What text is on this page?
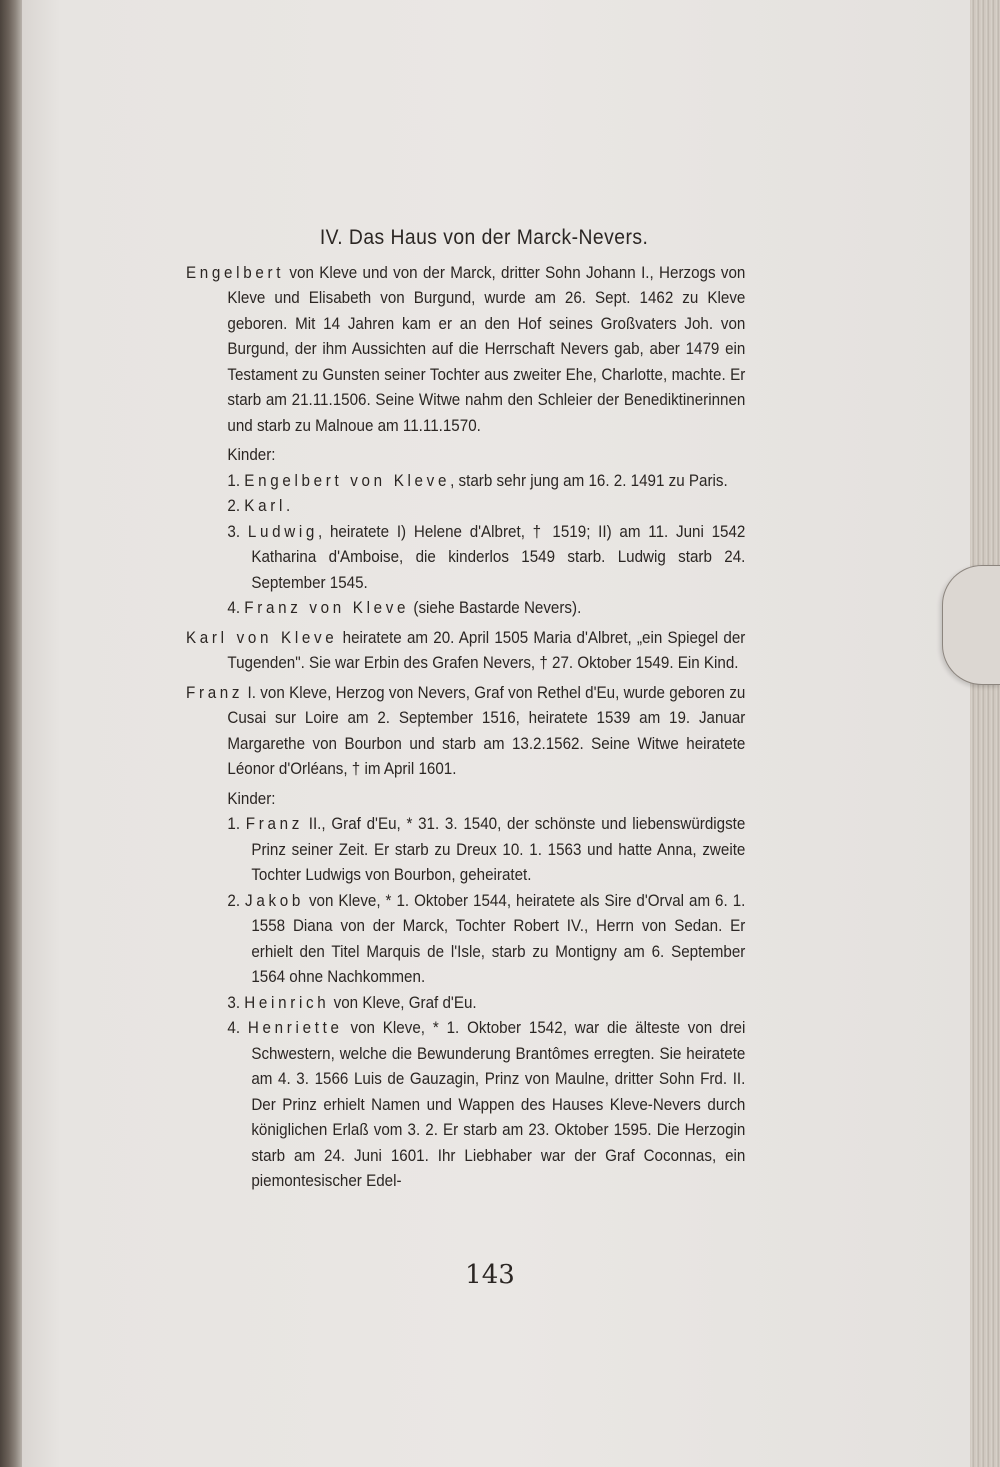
IV. Das Haus von der Marck-Nevers.

Engelbert von Kleve und von der Marck, dritter Sohn Johann I., Herzogs von Kleve und Elisabeth von Burgund, wurde am 26. Sept. 1462 zu Kleve geboren. Mit 14 Jahren kam er an den Hof seines Großvaters Joh. von Burgund, der ihm Aussichten auf die Herrschaft Nevers gab, aber 1479 ein Testament zu Gunsten seiner Tochter aus zweiter Ehe, Charlotte, machte. Er starb am 21.11.1506. Seine Witwe nahm den Schleier der Benediktinerinnen und starb zu Malnoue am 11.11.1570.

Kinder:

1. Engelbert von Kleve, starb sehr jung am 16. 2. 1491 zu Paris.

2. Karl.

3. Ludwig, heiratete I) Helene d'Albret, † 1519; II) am 11. Juni 1542 Katharina d'Amboise, die kinderlos 1549 starb. Ludwig starb 24. September 1545.

4. Franz von Kleve (siehe Bastarde Nevers).

Karl von Kleve heiratete am 20. April 1505 Maria d'Albret, „ein Spiegel der Tugenden". Sie war Erbin des Grafen Nevers, † 27. Oktober 1549. Ein Kind.

Franz I. von Kleve, Herzog von Nevers, Graf von Rethel d'Eu, wurde geboren zu Cusai sur Loire am 2. September 1516, heiratete 1539 am 19. Januar Margarethe von Bourbon und starb am 13.2.1562. Seine Witwe heiratete Léonor d'Orléans, † im April 1601.

Kinder:

1. Franz II., Graf d'Eu, * 31. 3. 1540, der schönste und liebenswürdigste Prinz seiner Zeit. Er starb zu Dreux 10. 1. 1563 und hatte Anna, zweite Tochter Ludwigs von Bourbon, geheiratet.

2. Jakob von Kleve, * 1. Oktober 1544, heiratete als Sire d'Orval am 6. 1. 1558 Diana von der Marck, Tochter Robert IV., Herrn von Sedan. Er erhielt den Titel Marquis de l'Isle, starb zu Montigny am 6. September 1564 ohne Nachkommen.

3. Heinrich von Kleve, Graf d'Eu.

4. Henriette von Kleve, * 1. Oktober 1542, war die älteste von drei Schwestern, welche die Bewunderung Brantômes erregten. Sie heiratete am 4. 3. 1566 Luis de Gauzagin, Prinz von Maulne, dritter Sohn Frd. II. Der Prinz erhielt Namen und Wappen des Hauses Kleve-Nevers durch königlichen Erlaß vom 3. 2. Er starb am 23. Oktober 1595. Die Herzogin starb am 24. Juni 1601. Ihr Liebhaber war der Graf Coconnas, ein piemontesischer Edel-

143
